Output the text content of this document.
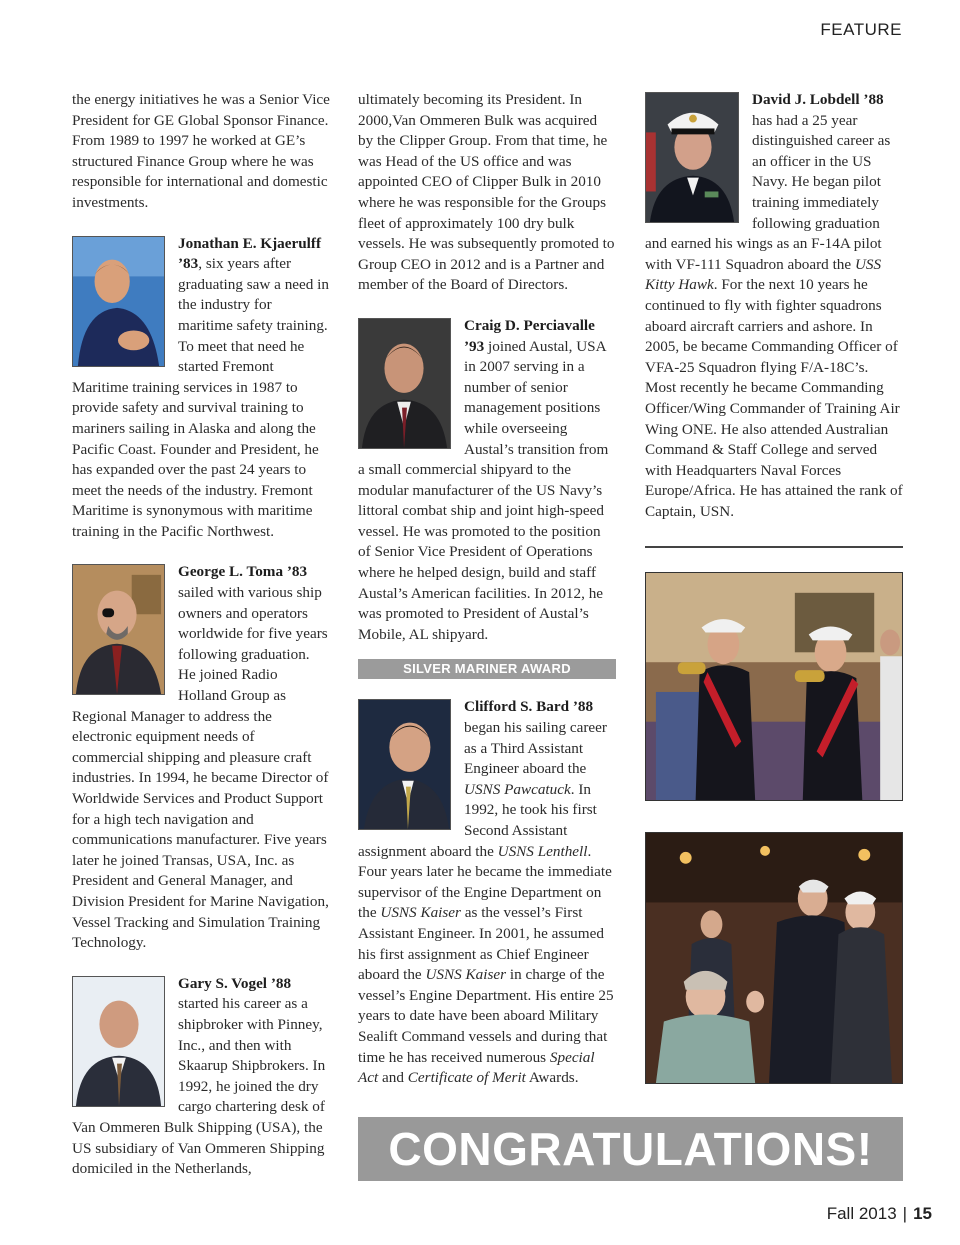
FEATURE

the energy initiatives he was a Senior Vice President for GE Global Sponsor Finance. From 1989 to 1997 he worked at GE’s structured Finance Group where he was responsible for international and domestic investments.

Jonathan E. Kjaerulff ’83, six years after graduating saw a need in the industry for maritime safety training. To meet that need he started Fremont Maritime training services in 1987 to provide safety and survival training to mariners sailing in Alaska and along the Pacific Coast. Founder and President, he has expanded over the past 24 years to meet the needs of the industry. Fremont Maritime is synonymous with maritime training in the Pacific Northwest.

George L. Toma ’83 sailed with various ship owners and operators worldwide for five years following graduation. He joined Radio Holland Group as Regional Manager to address the electronic equipment needs of commercial shipping and pleasure craft industries. In 1994, he became Director of Worldwide Services and Product Support for a high tech navigation and communications manufacturer. Five years later he joined Transas, USA, Inc. as President and General Manager, and Division President for Marine Navigation, Vessel Tracking and Simulation Training Technology.

Gary S. Vogel ’88 started his career as a shipbroker with Pinney, Inc., and then with Skaarup Shipbrokers. In 1992, he joined the dry cargo chartering desk of Van Ommeren Bulk Shipping (USA), the US subsidiary of Van Ommeren Shipping domiciled in the Netherlands,

ultimately becoming its President. In 2000,Van Ommeren Bulk was acquired by the Clipper Group. From that time, he was Head of the US office and was appointed CEO of Clipper Bulk in 2010 where he was responsible for the Groups fleet of approximately 100 dry bulk vessels. He was subsequently promoted to Group CEO in 2012 and is a Partner and member of the Board of Directors.

Craig D. Perciavalle ’93 joined Austal, USA in 2007 serving in a number of senior management positions while overseeing Austal’s transition from a small commercial shipyard to the modular manufacturer of the US Navy’s littoral combat ship and joint high-speed vessel. He was promoted to the position of Senior Vice President of Operations where he helped design, build and staff Austal’s American facilities. In 2012, he was promoted to President of Austal’s Mobile, AL shipyard.

SILVER MARINER AWARD

Clifford S. Bard ’88 began his sailing career as a Third Assistant Engineer aboard the USNS Pawcatuck. In 1992, he took his first Second Assistant assignment aboard the USNS Lenthell. Four years later he became the immediate supervisor of the Engine Department on the USNS Kaiser as the vessel’s First Assistant Engineer. In 2001, he assumed his first assignment as Chief Engineer aboard the USNS Kaiser in charge of the vessel’s Engine Department. His entire 25 years to date have been aboard Military Sealift Command vessels and during that time he has received numerous Special Act and Certificate of Merit Awards.

David J. Lobdell ’88 has had a 25 year distinguished career as an officer in the US Navy. He began pilot training immediately following graduation and earned his wings as an F-14A pilot with VF-111 Squadron aboard the USS Kitty Hawk. For the next 10 years he continued to fly with fighter squadrons aboard aircraft carriers and ashore. In 2005, be became Commanding Officer of VFA-25 Squadron flying F/A-18C’s. Most recently he became Commanding Officer/Wing Commander of Training Air Wing ONE. He also attended Australian Command & Staff College and served with Headquarters Naval Forces Europe/Africa. He has attained the rank of Captain, USN.

CONGRATULATIONS!
Fall 2013 | 15
